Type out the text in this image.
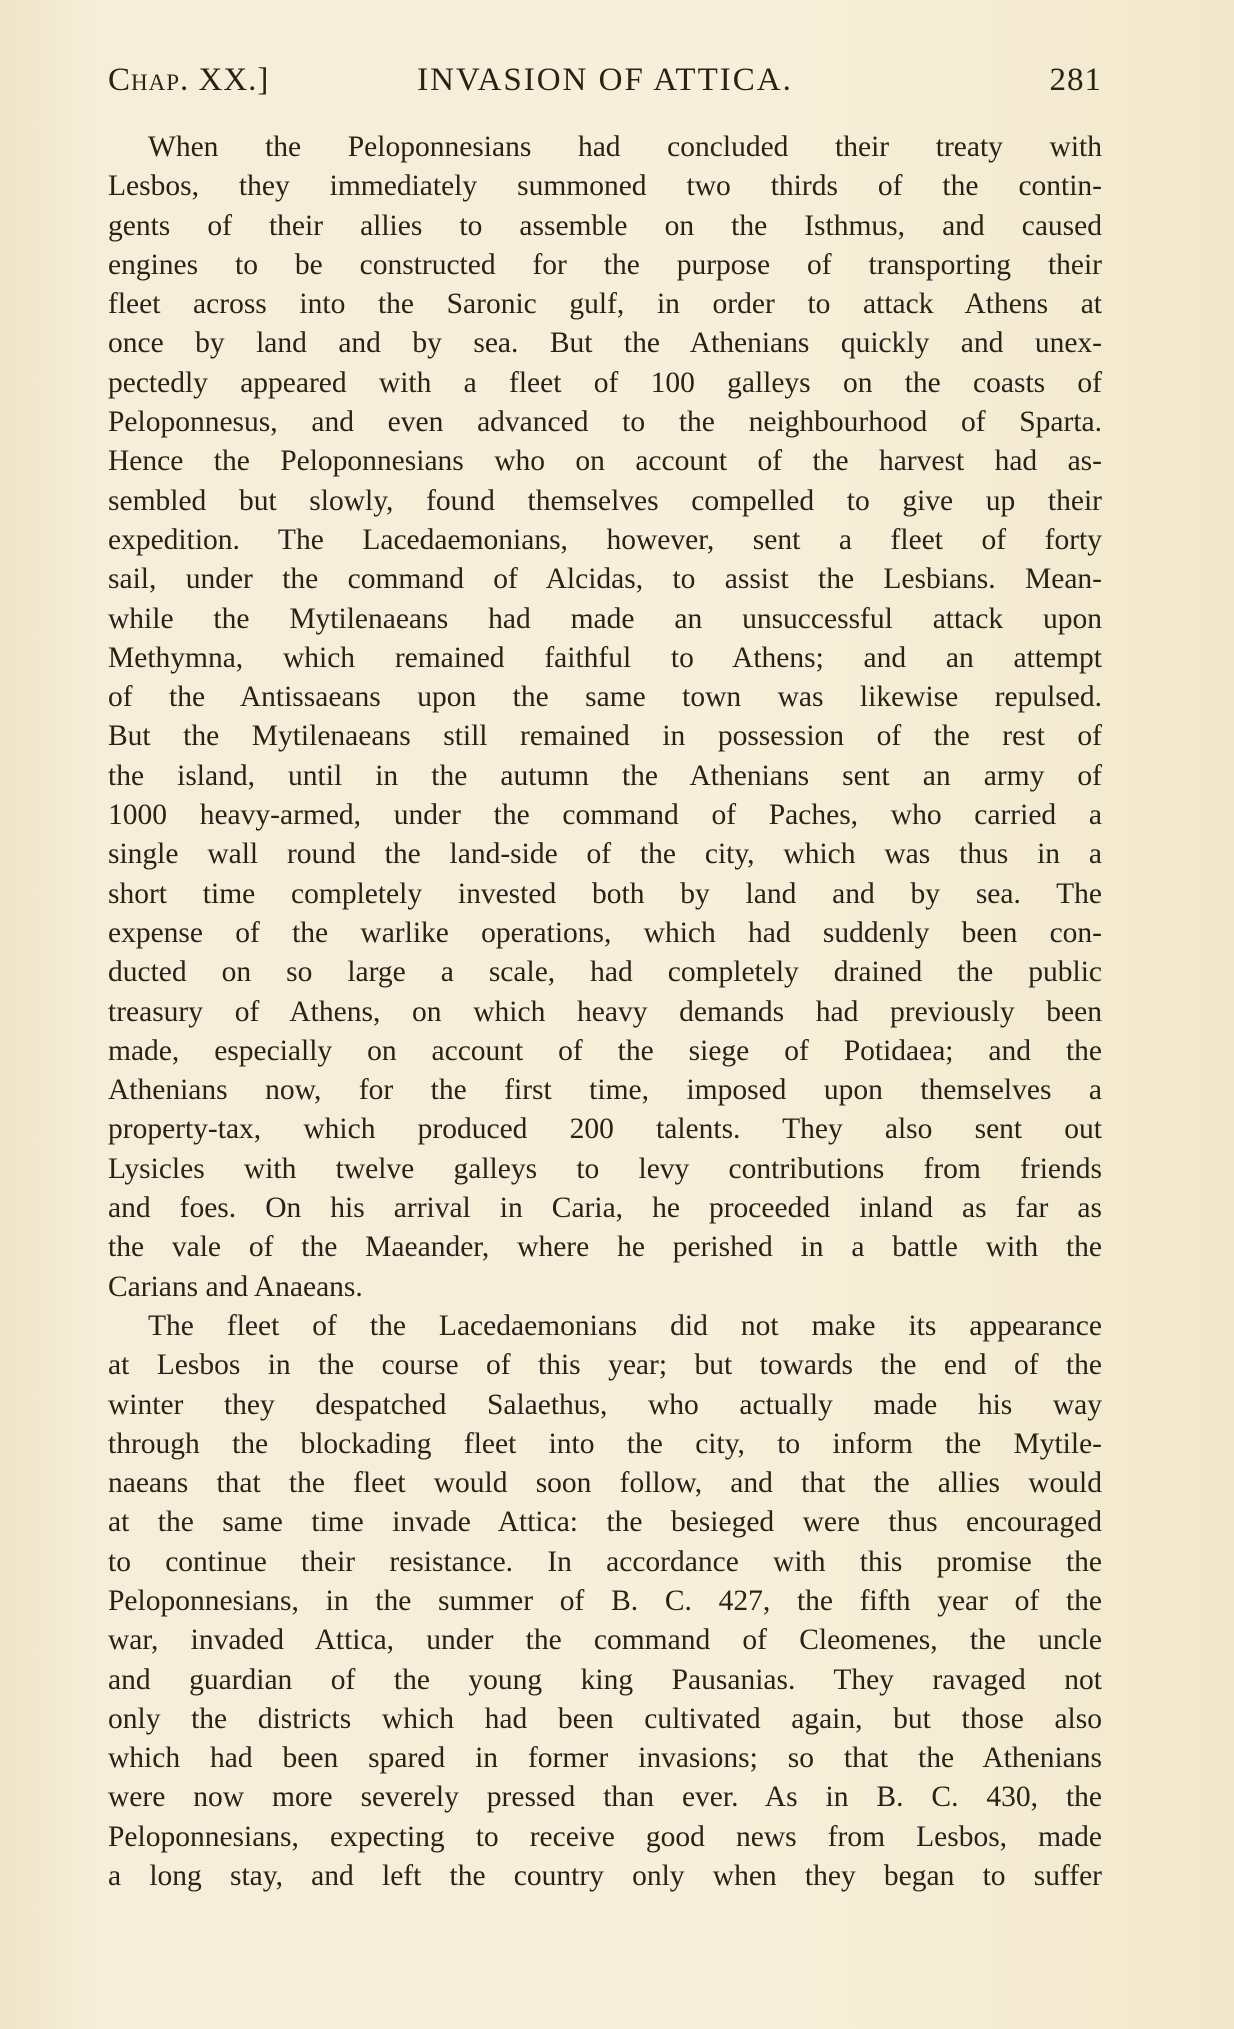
Chap. XX.]	INVASION OF ATTICA.	281
When the Peloponnesians had concluded their treaty with
Lesbos, they immediately summoned two thirds of the contin-
gents of their allies to assemble on the Isthmus, and caused
engines to be constructed for the purpose of transporting their
fleet across into the Saronic gulf, in order to attack Athens at
once by land and by sea. But the Athenians quickly and unex-
pectedly appeared with a fleet of 100 galleys on the coasts of
Peloponnesus, and even advanced to the neighbourhood of Sparta.
Hence the Peloponnesians who on account of the harvest had as-
sembled but slowly, found themselves compelled to give up their
expedition. The Lacedaemonians, however, sent a fleet of forty
sail, under the command of Alcidas, to assist the Lesbians. Mean-
while the Mytilenaeans had made an unsuccessful attack upon
Methymna, which remained faithful to Athens; and an attempt
of the Antissaeans upon the same town was likewise repulsed.
But the Mytilenaeans still remained in possession of the rest of
the island, until in the autumn the Athenians sent an army of
1000 heavy-armed, under the command of Paches, who carried a
single wall round the land-side of the city, which was thus in a
short time completely invested both by land and by sea. The
expense of the warlike operations, which had suddenly been con-
ducted on so large a scale, had completely drained the public
treasury of Athens, on which heavy demands had previously been
made, especially on account of the siege of Potidaea; and the
Athenians now, for the first time, imposed upon themselves a
property-tax, which produced 200 talents. They also sent out
Lysicles with twelve galleys to levy contributions from friends
and foes. On his arrival in Caria, he proceeded inland as far as
the vale of the Maeander, where he perished in a battle with the
Carians and Anaeans.
The fleet of the Lacedaemonians did not make its appearance
at Lesbos in the course of this year; but towards the end of the
winter they despatched Salaethus, who actually made his way
through the blockading fleet into the city, to inform the Mytile-
naeans that the fleet would soon follow, and that the allies would
at the same time invade Attica: the besieged were thus encouraged
to continue their resistance. In accordance with this promise the
Peloponnesians, in the summer of B. C. 427, the fifth year of the
war, invaded Attica, under the command of Cleomenes, the uncle
and guardian of the young king Pausanias. They ravaged not
only the districts which had been cultivated again, but those also
which had been spared in former invasions; so that the Athenians
were now more severely pressed than ever. As in B. C. 430, the
Peloponnesians, expecting to receive good news from Lesbos, made
a long stay, and left the country only when they began to suffer
